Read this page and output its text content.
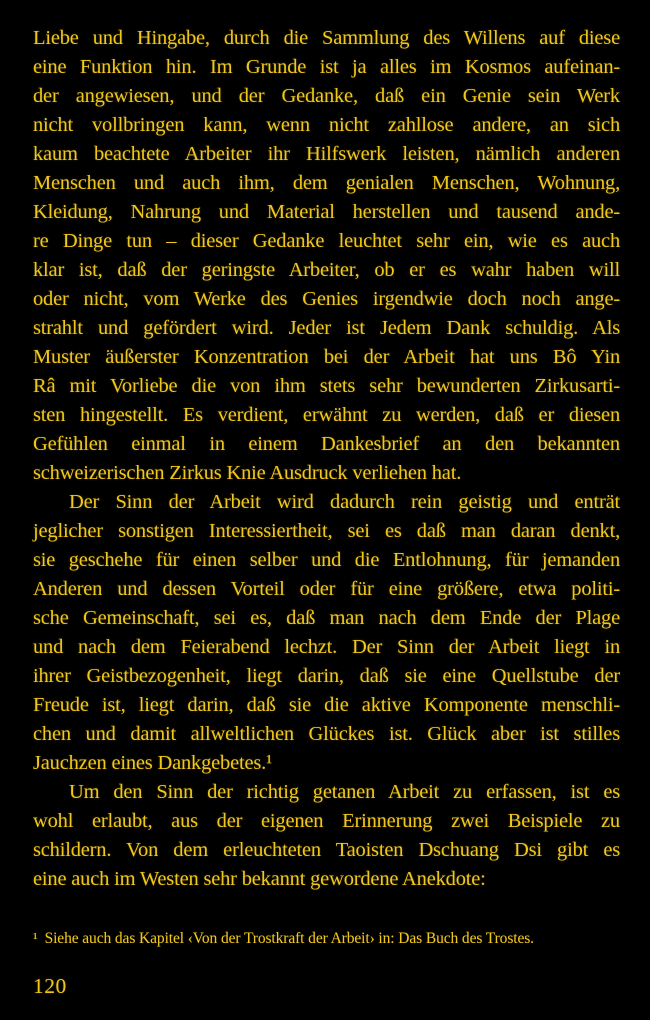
Liebe und Hingabe, durch die Sammlung des Willens auf diese
eine Funktion hin. Im Grunde ist ja alles im Kosmos aufeinan-
der angewiesen, und der Gedanke, daß ein Genie sein Werk
nicht vollbringen kann, wenn nicht zahllose andere, an sich
kaum beachtete Arbeiter ihr Hilfswerk leisten, nämlich anderen
Menschen und auch ihm, dem genialen Menschen, Wohnung,
Kleidung, Nahrung und Material herstellen und tausend ande-
re Dinge tun – dieser Gedanke leuchtet sehr ein, wie es auch
klar ist, daß der geringste Arbeiter, ob er es wahr haben will
oder nicht, vom Werke des Genies irgendwie doch noch ange-
strahlt und gefördert wird. Jeder ist Jedem Dank schuldig. Als
Muster äußerster Konzentration bei der Arbeit hat uns Bô Yin
Râ mit Vorliebe die von ihm stets sehr bewunderten Zirkusarti-
sten hingestellt. Es verdient, erwähnt zu werden, daß er diesen
Gefühlen einmal in einem Dankesbrief an den bekannten
schweizerischen Zirkus Knie Ausdruck verliehen hat.
Der Sinn der Arbeit wird dadurch rein geistig und enträt
jeglicher sonstigen Interessiertheit, sei es daß man daran denkt,
sie geschehe für einen selber und die Entlohnung, für jemanden
Anderen und dessen Vorteil oder für eine größere, etwa politi-
sche Gemeinschaft, sei es, daß man nach dem Ende der Plage
und nach dem Feierabend lechzt. Der Sinn der Arbeit liegt in
ihrer Geistbezogenheit, liegt darin, daß sie eine Quellstube der
Freude ist, liegt darin, daß sie die aktive Komponente menschli-
chen und damit allweltlichen Glückes ist. Glück aber ist stilles
Jauchzen eines Dankgebetes.¹
Um den Sinn der richtig getanen Arbeit zu erfassen, ist es
wohl erlaubt, aus der eigenen Erinnerung zwei Beispiele zu
schildern. Von dem erleuchteten Taoisten Dschuang Dsi gibt es
eine auch im Westen sehr bekannt gewordene Anekdote:
¹ Siehe auch das Kapitel ‹Von der Trostkraft der Arbeit› in: Das Buch des Trostes.
120
